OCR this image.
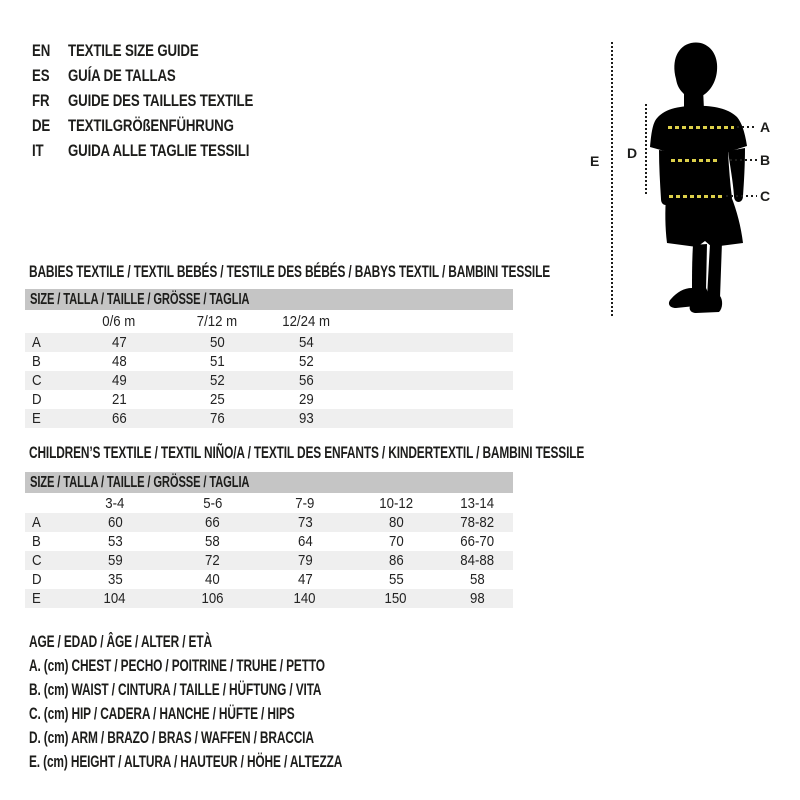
EN TEXTILE SIZE GUIDE
ES GUÍA DE TALLAS
FR GUIDE DES TAILLES TEXTILE
DE TEXTILGRÖßENFÜHRUNG
IT GUIDA ALLE TAGLIE TESSILI
E D
A
B
C
BABIES TEXTILE / TEXTIL BEBÉS / TESTILE DES BÉBÉS / BABYS TEXTIL / BAMBINI TESSILE
SIZE / TALLA / TAILLE / GRÖSSE / TAGLIA
	0/6 m	7/12 m	12/24 m	
A	47	50	54	
B	48	51	52	
C	49	52	56	
D	21	25	29	
E	66	76	93	
CHILDREN’S TEXTILE / TEXTIL NIÑO/A / TEXTIL DES ENFANTS / KINDERTEXTIL / BAMBINI TESSILE
SIZE / TALLA / TAILLE / GRÖSSE / TAGLIA
	3-4	5-6	7-9	10-12	13-14
A	60	66	73	80	78-82
B	53	58	64	70	66-70
C	59	72	79	86	84-88
D	35	40	47	55	58
E	104	106	140	150	98
AGE / EDAD / ÂGE / ALTER / ETÀ
A. (cm) CHEST / PECHO / POITRINE / TRUHE / PETTO
B. (cm) WAIST / CINTURA / TAILLE / HÜFTUNG / VITA
C. (cm) HIP / CADERA / HANCHE / HÜFTE / HIPS
D. (cm) ARM / BRAZO / BRAS / WAFFEN / BRACCIA
E. (cm) HEIGHT / ALTURA / HAUTEUR / HÖHE / ALTEZZA
